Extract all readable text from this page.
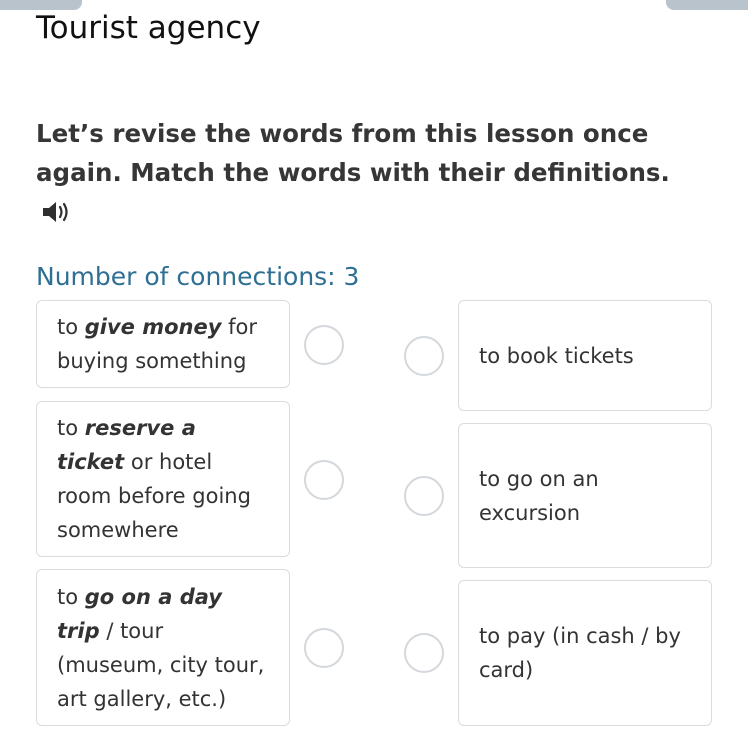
Tourist agency

Let’s revise the words from this lesson once again. Match the words with their definitions.

Number of connections: 3
to give money for buying something
to reserve a ticket or hotel room before going somewhere
to go on a day trip / tour (museum, city tour, art gallery, etc.)
to book tickets
to go on an excursion
to pay (in cash / by card)
